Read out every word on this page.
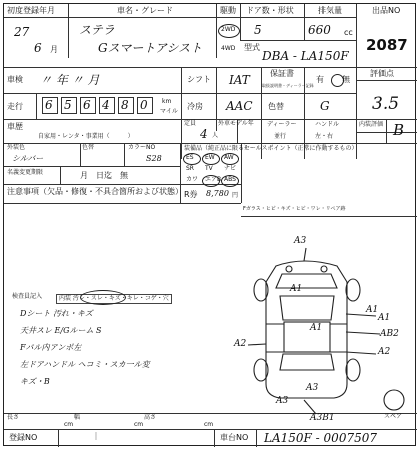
初度登録年月
27
6 月
車名・グレード
ステラ
Gスマートアシスト
駆動
2WD
4WD
ドア数・形状
5
排気量
660 cc
型式
DBA - LA150F
出品NO
2087
車検 〃 年 〃 月	シフト IAT	保証書
取扱説明書・ディーラー記録
有 無
評価点
3.5
走行 6 5 6 4 8 0 km
マイル
冷房 AAC 色替	G
車歴
自家用・レンタ・事業用（　　　）
定員
4 人
外車モデル年 ディーラー
並行
ハンドル
左・右
内装評価 B
外装色
シルバー
色替	カラーNO
S28
名義変更期限	月　日迄　無
注意事項（欠品・修復・不具合箇所および状態）
装備品（純正品に限る）
ES EW AW
SR TV ナビ
カワ エアB ABS
R券 8,780 円
セールスポイント（正常に作動するもの）
Fガラス・ヒビ・キズ・ヒビ・ワレ・リペア跡
検査員記入	内装 汚レ・スレ・キズ・キレ・コゲ・穴
Dシート 汚れ・キズ
天井スレ E/Gルーム S
Fパル内アンポ左
左ドアハンドル ヘコミ・スカ一ル変
キズ・B
A3
A1
A1
A1
A2
A1
AB2
A2
A3
A3
A3B1	スペア
長さ
cm
幅
cm
高さ
cm
登録NO	｜	車台NO LA150F - 0007507
